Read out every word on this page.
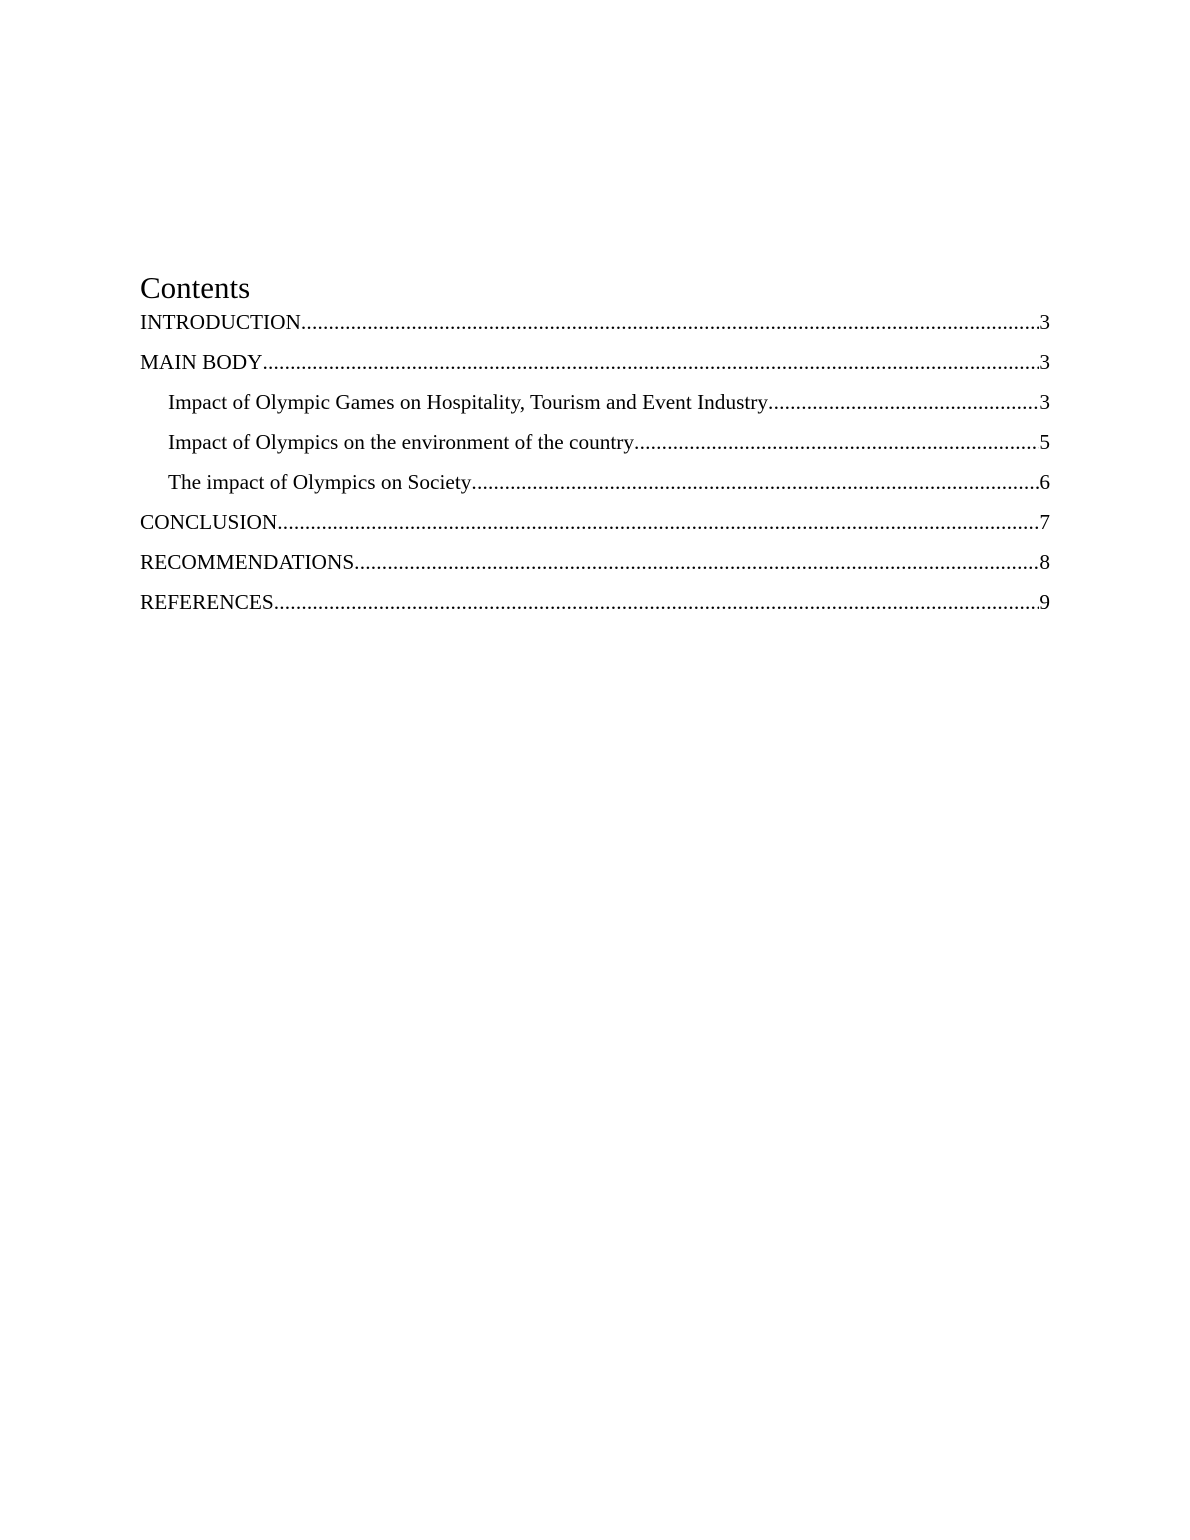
Contents
INTRODUCTION .....	3
MAIN BODY .....	3
Impact of Olympic Games on Hospitality, Tourism and Event Industry .....	3
Impact of Olympics on the environment of the country .....	5
The impact of Olympics on Society .....	6
CONCLUSION .....	7
RECOMMENDATIONS .....	8
REFERENCES .....	9
